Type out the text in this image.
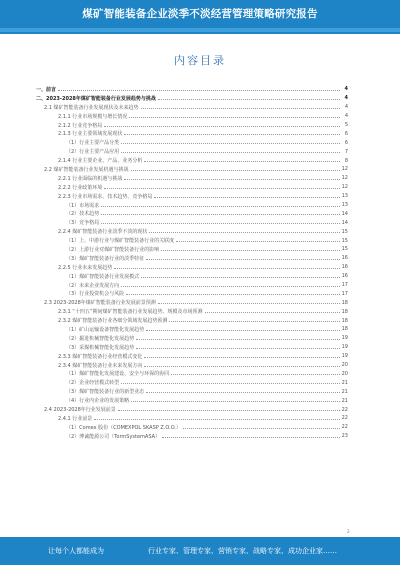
煤矿智能装备企业淡季不淡经营管理策略研究报告
内容目录
一、前言	4
二、2023-2028年煤矿智能装备行业发展趋势与挑战	4
2.1 煤矿智能装备行业发展现状及未来趋势	4
2.1.1 行业市场规模与增长情况	4
2.1.2 行业竞争格局	5
2.1.3 行业主要领域发展现状	6
（1）行业主要产品分类	6
（2）行业主要产品应用	7
2.1.4 行业主要企业、产品、业务分析	8
2.2 煤矿智能装备行业发展机遇与挑战	12
2.2.1 行业面临的机遇与挑战	12
2.2.2 行业政策环境	12
2.2.3 行业市场需求、技术趋势、竞争格局	13
（1）市场需求	13
（2）技术趋势	14
（3）竞争格局	14
2.2.4 煤矿智能装备行业淡季不淡的现状	15
（1）上、中游行业与煤矿智能装备行业的关联度	15
（2）上游行业对煤矿智能装备行业的影响	15
（3）煤矿智能装备行业的淡季特征	16
2.2.5 行业未来发展趋势	16
（1）煤矿智能装备行业发展模式	16
（2）未来企业发展方向	17
（3）行业投资机会与风险	17
2.3 2023-2028年煤矿智能装备行业发展前景预测	18
2.3.1 “十四五”期间煤矿智能装备行业发展趋势、规模及市场预测	18
2.3.2 煤矿智能装备行业各细分领域发展趋势预测	18
（1）矿山运输设备智能化发展趋势	18
（2）掘进机械智能化发展趋势	19
（3）采煤机械智能化发展趋势	19
2.3.3 煤矿智能装备行业经营模式变化	19
2.3.4 煤矿智能装备行业未来发展方向	20
（1）煤矿智能化发展建设、安全与环保的协同	20
（2）企业经营模式转型	21
（3）煤矿智能装备行业的新型业态	21
（4）行业内企业的发展策略	21
2.4 2023-2028年行业发展前景	22
2.4.1 行业前景	22
（1）Comex 股份（COMEXPOL SKASP Z.O.O.）	22
（2）博诚能源公司（TormSystemASA）	23
2
让每个人都能成为	行业专家、管理专家、营销专家、战略专家、成功企业家……
